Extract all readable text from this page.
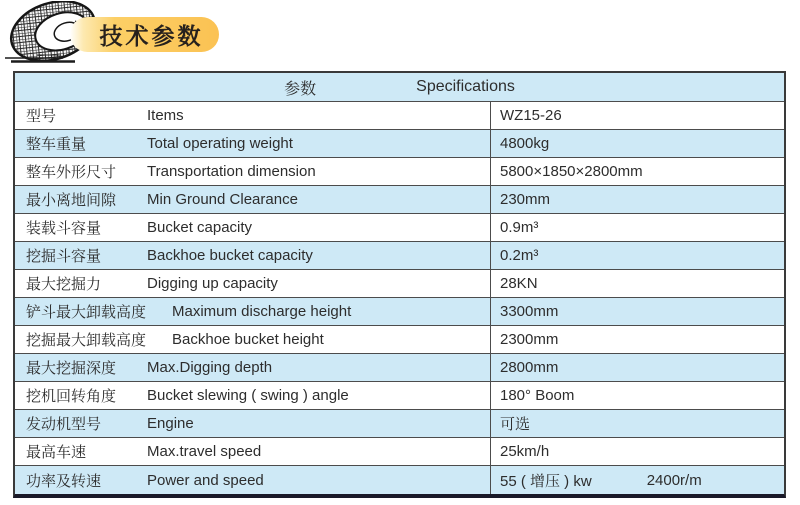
技术参数
参数	Specifications
型号	Items	WZ15-26
整车重量	Total operating weight	4800kg
整车外形尺寸	Transportation dimension	5800×1850×2800mm
最小离地间隙	Min Ground Clearance	230mm
装载斗容量	Bucket capacity	0.9m³
挖掘斗容量	Backhoe bucket capacity	0.2m³
最大挖掘力	Digging up capacity	28KN
铲斗最大卸载高度 Maximum discharge height	3300mm
挖掘最大卸载高度 Backhoe bucket height	2300mm
最大挖掘深度	Max.Digging depth	2800mm
挖机回转角度	Bucket slewing ( swing ) angle	180° Boom
发动机型号	Engine	可选
最高车速	Max.travel speed	25km/h
功率及转速	Power and speed	55 ( 增压 ) kw	2400r/m
